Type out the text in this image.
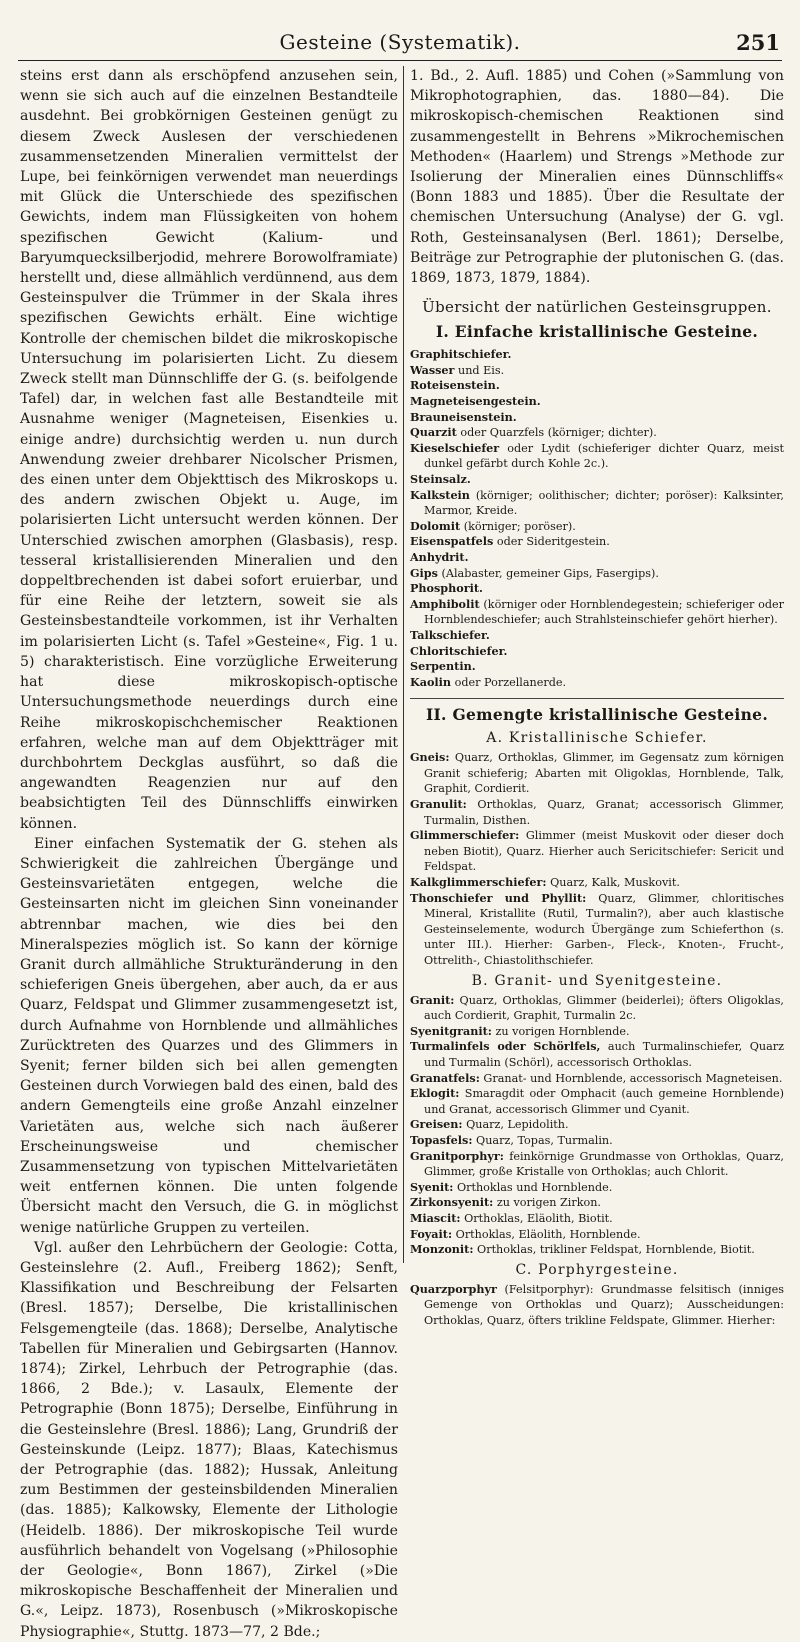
Gesteine (Systematik).	251

steins erst dann als erschöpfend anzusehen sein, wenn sie sich auch auf die einzelnen Bestandteile ausdehnt. Bei grobkörnigen Gesteinen genügt zu diesem Zweck Auslesen der verschiedenen zusammensetzenden Mineralien vermittelst der Lupe, bei feinkörnigen verwendet man neuerdings mit Glück die Unterschiede des spezifischen Gewichts, indem man Flüssigkeiten von hohem spezifischen Gewicht (Kalium- und Baryumquecksilberjodid, mehrere Borowolframiate) herstellt und, diese allmählich verdünnend, aus dem Gesteinspulver die Trümmer in der Skala ihres spezifischen Gewichts erhält. Eine wichtige Kontrolle der chemischen bildet die mikroskopische Untersuchung im polarisierten Licht. Zu diesem Zweck stellt man Dünnschliffe der G. (s. beifolgende Tafel) dar, in welchen fast alle Bestandteile mit Ausnahme weniger (Magneteisen, Eisenkies u. einige andre) durchsichtig werden u. nun durch Anwendung zweier drehbarer Nicolscher Prismen, des einen unter dem Objekttisch des Mikroskops u. des andern zwischen Objekt u. Auge, im polarisierten Licht untersucht werden können. Der Unterschied zwischen amorphen (Glasbasis), resp. tesseral kristallisierenden Mineralien und den doppeltbrechenden ist dabei sofort eruierbar, und für eine Reihe der letztern, soweit sie als Gesteinsbestandteile vorkommen, ist ihr Verhalten im polarisierten Licht (s. Tafel »Gesteine«, Fig. 1 u. 5) charakteristisch. Eine vorzügliche Erweiterung hat diese mikroskopisch-optische Untersuchungsmethode neuerdings durch eine Reihe mikroskopischchemischer Reaktionen erfahren, welche man auf dem Objektträger mit durchbohrtem Deckglas ausführt, so daß die angewandten Reagenzien nur auf den beabsichtigten Teil des Dünnschliffs einwirken können.

Einer einfachen Systematik der G. stehen als Schwierigkeit die zahlreichen Übergänge und Gesteinsvarietäten entgegen, welche die Gesteinsarten nicht im gleichen Sinn voneinander abtrennbar machen, wie dies bei den Mineralspezies möglich ist. So kann der körnige Granit durch allmähliche Strukturänderung in den schieferigen Gneis übergehen, aber auch, da er aus Quarz, Feldspat und Glimmer zusammengesetzt ist, durch Aufnahme von Hornblende und allmähliches Zurücktreten des Quarzes und des Glimmers in Syenit; ferner bilden sich bei allen gemengten Gesteinen durch Vorwiegen bald des einen, bald des andern Gemengteils eine große Anzahl einzelner Varietäten aus, welche sich nach äußerer Erscheinungsweise und chemischer Zusammensetzung von typischen Mittelvarietäten weit entfernen können. Die unten folgende Übersicht macht den Versuch, die G. in möglichst wenige natürliche Gruppen zu verteilen.

Vgl. außer den Lehrbüchern der Geologie: Cotta, Gesteinslehre (2. Aufl., Freiberg 1862); Senft, Klassifikation und Beschreibung der Felsarten (Bresl. 1857); Derselbe, Die kristallinischen Felsgemengteile (das. 1868); Derselbe, Analytische Tabellen für Mineralien und Gebirgsarten (Hannov. 1874); Zirkel, Lehrbuch der Petrographie (das. 1866, 2 Bde.); v. Lasaulx, Elemente der Petrographie (Bonn 1875); Derselbe, Einführung in die Gesteinslehre (Bresl. 1886); Lang, Grundriß der Gesteinskunde (Leipz. 1877); Blaas, Katechismus der Petrographie (das. 1882); Hussak, Anleitung zum Bestimmen der gesteinsbildenden Mineralien (das. 1885); Kalkowsky, Elemente der Lithologie (Heidelb. 1886). Der mikroskopische Teil wurde ausführlich behandelt von Vogelsang (»Philosophie der Geologie«, Bonn 1867), Zirkel (»Die mikroskopische Beschaffenheit der Mineralien und G.«, Leipz. 1873), Rosenbusch (»Mikroskopische Physiographie«, Stuttg. 1873—77, 2 Bde.;

1. Bd., 2. Aufl. 1885) und Cohen (»Sammlung von Mikrophotographien, das. 1880—84). Die mikroskopisch-chemischen Reaktionen sind zusammengestellt in Behrens »Mikrochemischen Methoden« (Haarlem) und Strengs »Methode zur Isolierung der Mineralien eines Dünnschliffs« (Bonn 1883 und 1885). Über die Resultate der chemischen Untersuchung (Analyse) der G. vgl. Roth, Gesteinsanalysen (Berl. 1861); Derselbe, Beiträge zur Petrographie der plutonischen G. (das. 1869, 1873, 1879, 1884).

Übersicht der natürlichen Gesteinsgruppen.
I. Einfache kristallinische Gesteine.

Graphitschiefer.

Wasser und Eis.

Roteisenstein.

Magneteisengestein.

Brauneisenstein.

Quarzit oder Quarzfels (körniger; dichter).

Kieselschiefer oder Lydit (schieferiger dichter Quarz, meist dunkel gefärbt durch Kohle 2c.).

Steinsalz.

Kalkstein (körniger; oolithischer; dichter; poröser): Kalksinter, Marmor, Kreide.

Dolomit (körniger; poröser).

Eisenspatfels oder Sideritgestein.

Anhydrit.

Gips (Alabaster, gemeiner Gips, Fasergips).

Phosphorit.

Amphibolit (körniger oder Hornblendegestein; schieferiger oder Hornblendeschiefer; auch Strahlsteinschiefer gehört hierher).

Talkschiefer.

Chloritschiefer.

Serpentin.

Kaolin oder Porzellanerde.

II. Gemengte kristallinische Gesteine.
A. Kristallinische Schiefer.

Gneis: Quarz, Orthoklas, Glimmer, im Gegensatz zum körnigen Granit schieferig; Abarten mit Oligoklas, Hornblende, Talk, Graphit, Cordierit.

Granulit: Orthoklas, Quarz, Granat; accessorisch Glimmer, Turmalin, Disthen.

Glimmerschiefer: Glimmer (meist Muskovit oder dieser doch neben Biotit), Quarz. Hierher auch Sericitschiefer: Sericit und Feldspat.

Kalkglimmerschiefer: Quarz, Kalk, Muskovit.

Thonschiefer und Phyllit: Quarz, Glimmer, chloritisches Mineral, Kristallite (Rutil, Turmalin?), aber auch klastische Gesteinselemente, wodurch Übergänge zum Schieferthon (s. unter III.). Hierher: Garben-, Fleck-, Knoten-, Frucht-, Ottrelith-, Chiastolithschiefer.

B. Granit- und Syenitgesteine.

Granit: Quarz, Orthoklas, Glimmer (beiderlei); öfters Oligoklas, auch Cordierit, Graphit, Turmalin 2c.

Syenitgranit: zu vorigen Hornblende.

Turmalinfels oder Schörlfels, auch Turmalinschiefer, Quarz und Turmalin (Schörl), accessorisch Orthoklas.

Granatfels: Granat- und Hornblende, accessorisch Magneteisen.

Eklogit: Smaragdit oder Omphacit (auch gemeine Hornblende) und Granat, accessorisch Glimmer und Cyanit.

Greisen: Quarz, Lepidolith.

Topasfels: Quarz, Topas, Turmalin.

Granitporphyr: feinkörnige Grundmasse von Orthoklas, Quarz, Glimmer, große Kristalle von Orthoklas; auch Chlorit.

Syenit: Orthoklas und Hornblende.

Zirkonsyenit: zu vorigen Zirkon.

Miascit: Orthoklas, Eläolith, Biotit.

Foyait: Orthoklas, Eläolith, Hornblende.

Monzonit: Orthoklas, trikliner Feldspat, Hornblende, Biotit.

C. Porphyrgesteine.

Quarzporphyr (Felsitporphyr): Grundmasse felsitisch (inniges Gemenge von Orthoklas und Quarz); Ausscheidungen: Orthoklas, Quarz, öfters trikline Feldspate, Glimmer. Hierher:
